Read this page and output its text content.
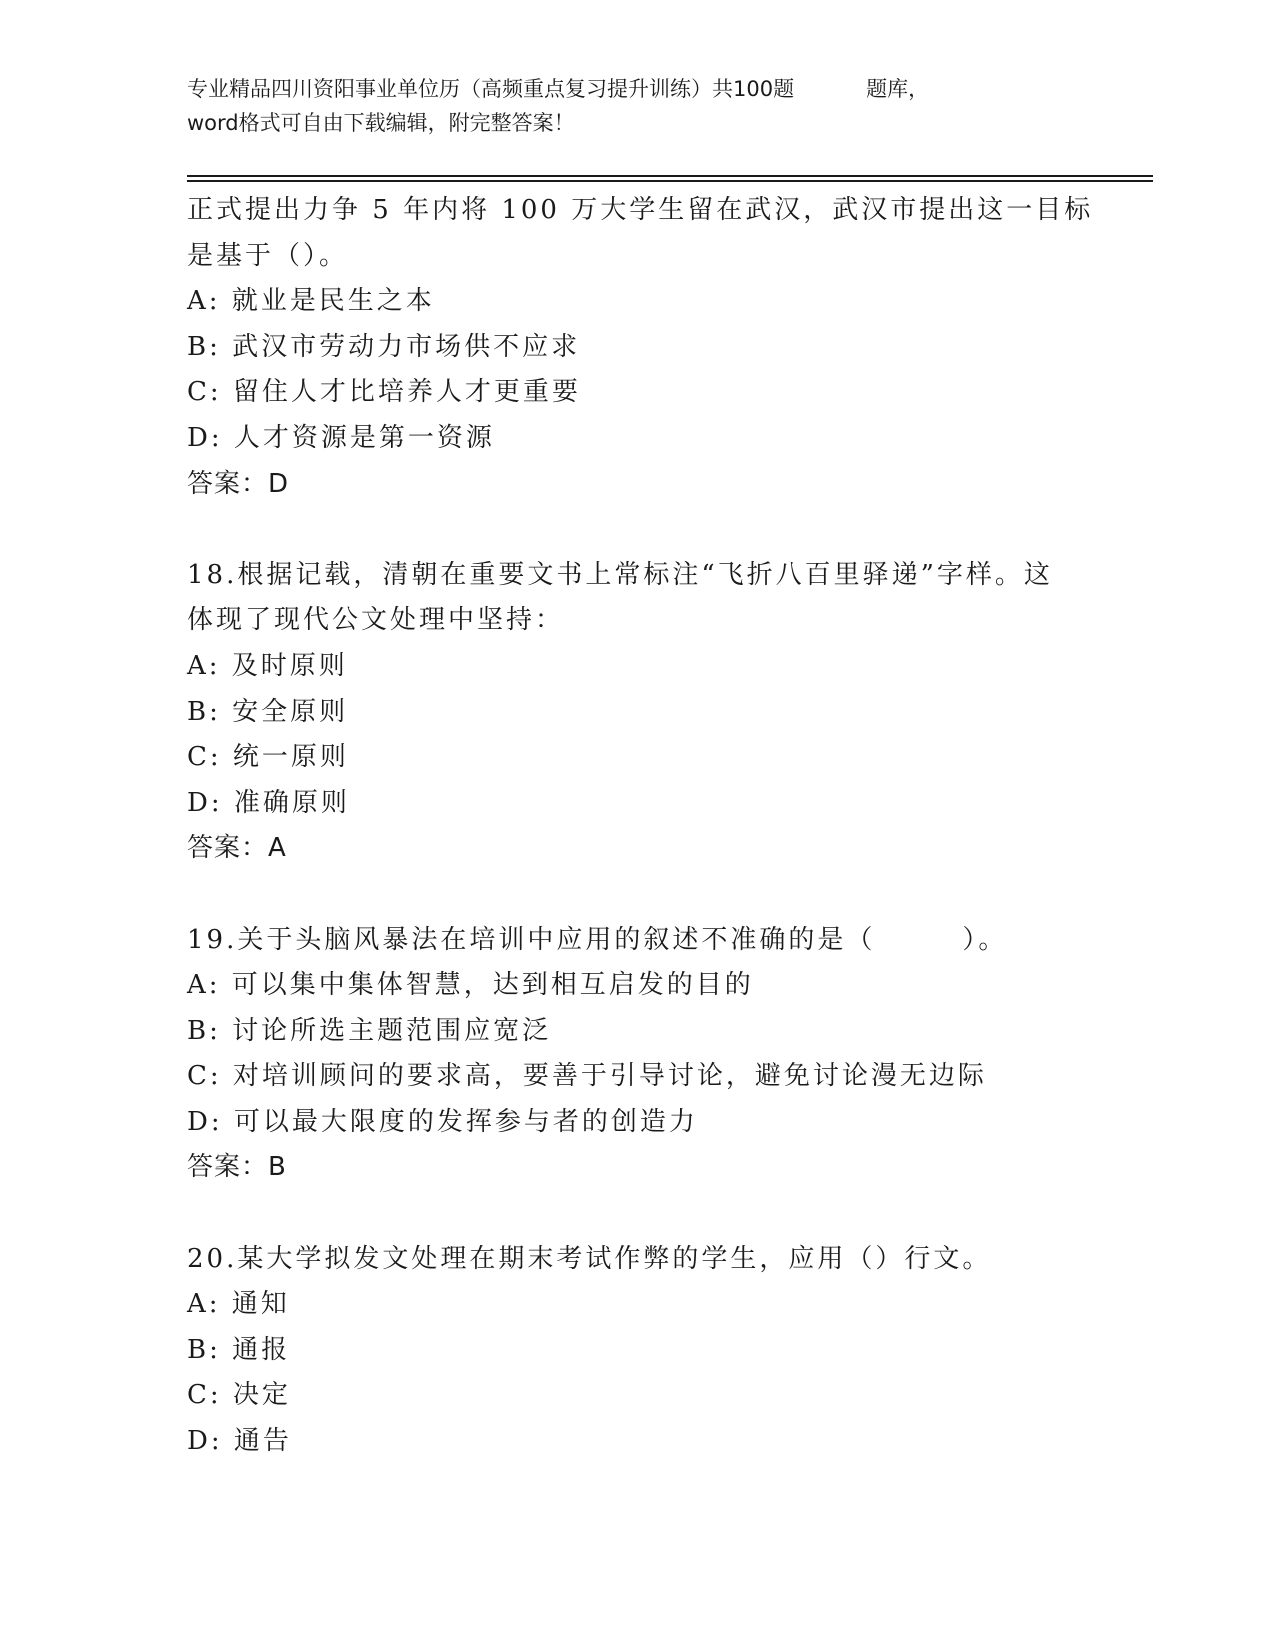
专业精品四川资阳事业单位历（高频重点复习提升训练）共100题	题库，
word格式可自由下载编辑，附完整答案！
正式提出力争 5 年内将 100 万大学生留在武汉，武汉市提出这一目标
是基于（）。
A: 就业是民生之本
B: 武汉市劳动力市场供不应求
C: 留住人才比培养人才更重要
D: 人才资源是第一资源
答案：D
18.根据记载，清朝在重要文书上常标注“飞折八百里驿递”字样。这
体现了现代公文处理中坚持：
A: 及时原则
B: 安全原则
C: 统一原则
D: 准确原则
答案：A
19.关于头脑风暴法在培训中应用的叙述不准确的是（　　　）。
A: 可以集中集体智慧，达到相互启发的目的
B: 讨论所选主题范围应宽泛
C: 对培训顾问的要求高，要善于引导讨论，避免讨论漫无边际
D: 可以最大限度的发挥参与者的创造力
答案：B
20.某大学拟发文处理在期末考试作弊的学生，应用（）行文。
A: 通知
B: 通报
C: 决定
D: 通告
